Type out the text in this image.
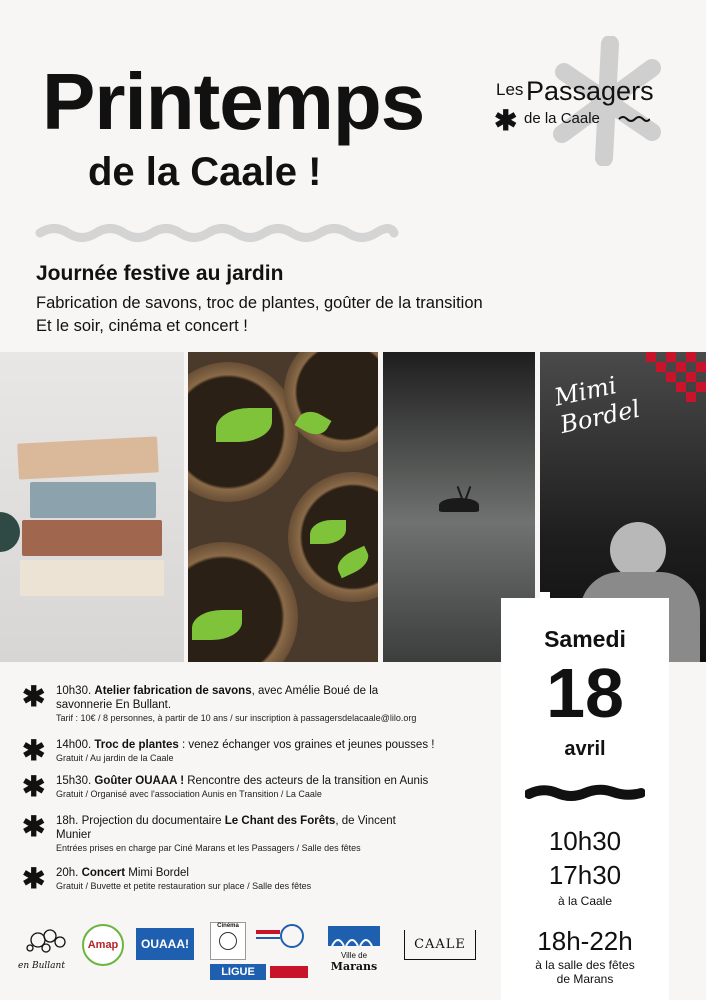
Printemps
de la Caale !
Les Passagers
✱ de la Caale
Journée festive au jardin
Fabrication de savons, troc de plantes, goûter de la transition
Et le soir, cinéma et concert !
Mimi Bordel
Samedi
18
avril
10h30
17h30
à la Caale
18h-22h
à la salle des fêtes
de Marans
✱ 10h30. Atelier fabrication de savons, avec Amélie Boué de la
savonnerie En Bullant.
Tarif : 10€ / 8 personnes, à partir de 10 ans / sur inscription à passagersdelacaale@lilo.org
✱ 14h00. Troc de plantes : venez échanger vos graines et jeunes pousses !
Gratuit / Au jardin de la Caale
✱ 15h30. Goûter OUAAA ! Rencontre des acteurs de la transition en Aunis
Gratuit / Organisé avec l'association Aunis en Transition / La Caale
✱ 18h. Projection du documentaire Le Chant des Forêts, de Vincent
Munier
Entrées prises en charge par Ciné Marans et les Passagers / Salle des fêtes
✱ 20h. Concert Mimi Bordel
Gratuit / Buvette et petite restauration sur place / Salle des fêtes
en Bullant
Amap	OUAAA!
Cinéma
LIGUE
Ville de
Marans
CAALE
